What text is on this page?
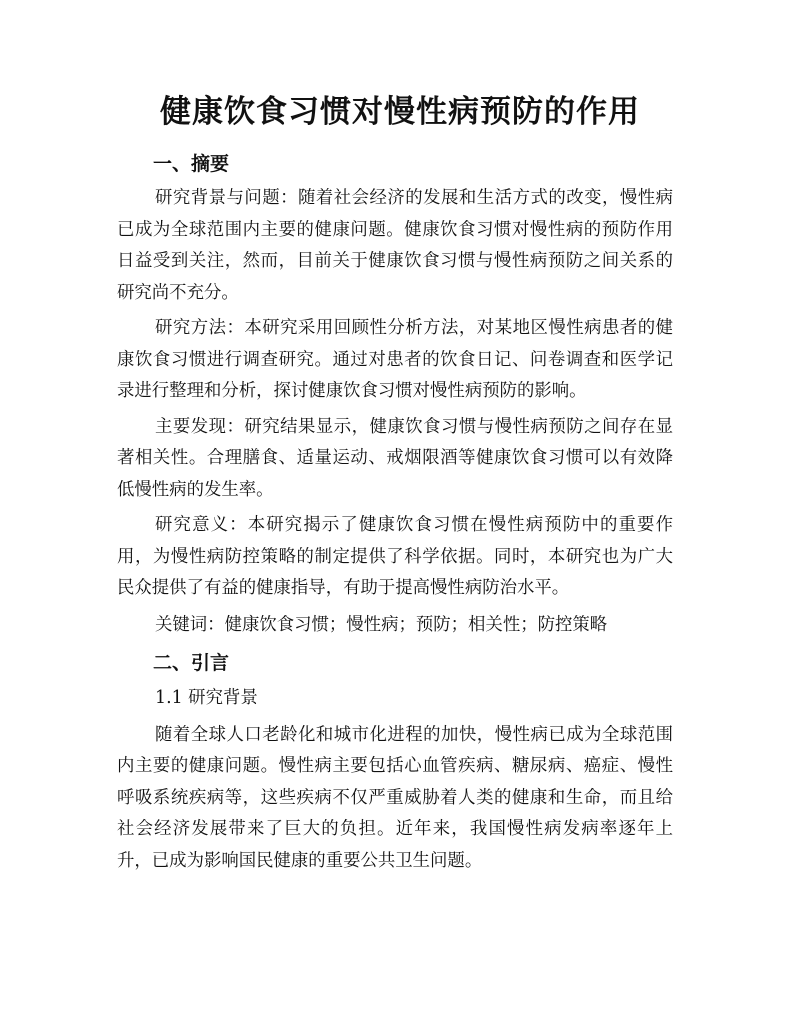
健康饮食习惯对慢性病预防的作用
一、摘要

研究背景与问题：随着社会经济的发展和生活方式的改变，慢性病已成为全球范围内主要的健康问题。健康饮食习惯对慢性病的预防作用日益受到关注，然而，目前关于健康饮食习惯与慢性病预防之间关系的研究尚不充分。

研究方法：本研究采用回顾性分析方法，对某地区慢性病患者的健康饮食习惯进行调查研究。通过对患者的饮食日记、问卷调查和医学记录进行整理和分析，探讨健康饮食习惯对慢性病预防的影响。

主要发现：研究结果显示，健康饮食习惯与慢性病预防之间存在显著相关性。合理膳食、适量运动、戒烟限酒等健康饮食习惯可以有效降低慢性病的发生率。

研究意义：本研究揭示了健康饮食习惯在慢性病预防中的重要作用，为慢性病防控策略的制定提供了科学依据。同时，本研究也为广大民众提供了有益的健康指导，有助于提高慢性病防治水平。

关键词：健康饮食习惯；慢性病；预防；相关性；防控策略
二、引言
1.1 研究背景

随着全球人口老龄化和城市化进程的加快，慢性病已成为全球范围内主要的健康问题。慢性病主要包括心血管疾病、糖尿病、癌症、慢性呼吸系统疾病等，这些疾病不仅严重威胁着人类的健康和生命，而且给社会经济发展带来了巨大的负担。近年来，我国慢性病发病率逐年上升，已成为影响国民健康的重要公共卫生问题。
